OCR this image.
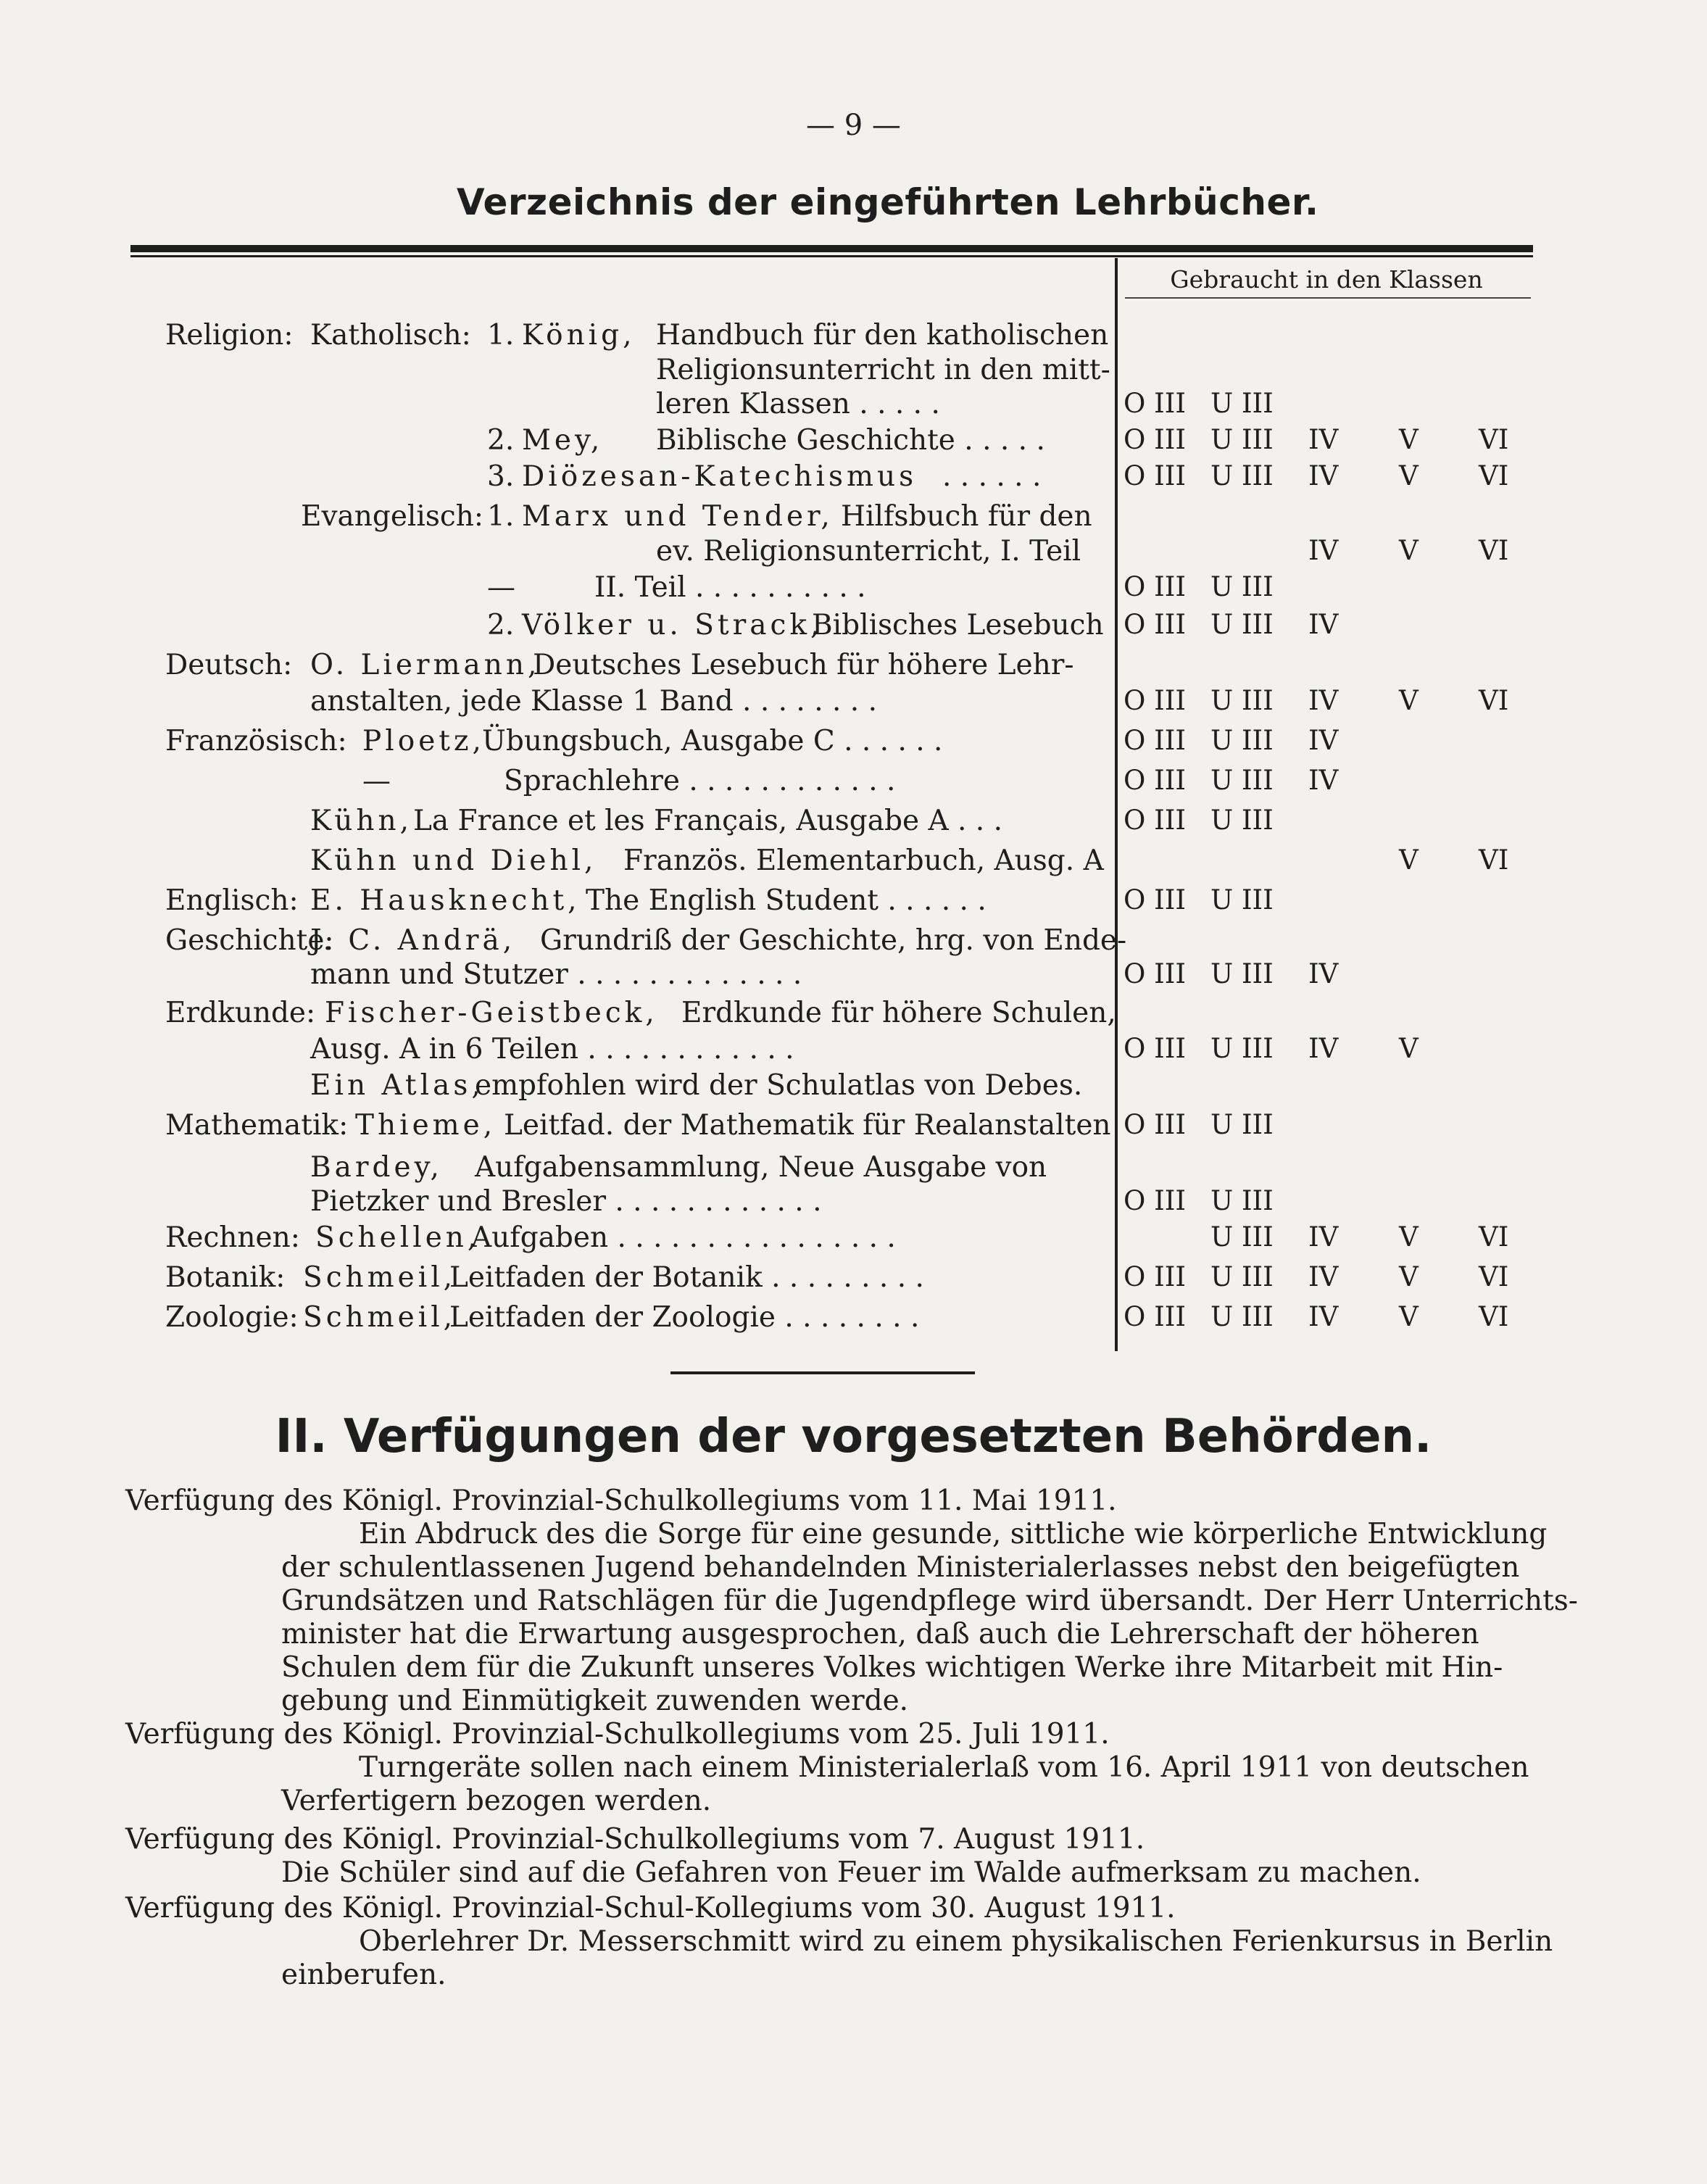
— 9 —
Verzeichnis der eingeführten Lehrbücher.
Gebraucht in den Klassen
Religion: Katholisch: 1. König, Handbuch für den katholischen
Religionsunterricht in den mitt-
leren Klassen . . . . .	O III U III
2. Mey, Biblische Geschichte . . . . .	O III U III IV V VI
3. Diözesan-Katechismus . . . . . .	O III U III IV V VI
Evangelisch: 1. Marx und Tender, Hilfsbuch für den
ev. Religionsunterricht, I. Teil	IV V VI
—	II. Teil . . . . . . . . . .	O III U III
2. Völker u. Strack,
Biblisches Lesebuch O III U III IV
Deutsch: O. Liermann,
Deutsches Lesebuch für höhere Lehr-
anstalten, jede Klasse 1 Band . . . . . . . .	O III U III IV V VI
Französisch: Ploetz,
Übungsbuch, Ausgabe C . . . . . .	O III U III IV
—	Sprachlehre . . . . . . . . . . . .	O III U III IV
Kühn, La France et les Français, Ausgabe A . . .	O III U III
Kühn und Diehl, Französ. Elementarbuch, Ausg. A	V VI
Englisch: E. Hausknecht, The English Student . . . . . .	O III U III
Geschichte:
J. C. Andrä, Grundriß der Geschichte, hrg. von Ende-
mann und Stutzer . . . . . . . . . . . . .	O III U III IV
Erdkunde: Fischer-Geistbeck, Erdkunde für höhere Schulen,
Ausg. A in 6 Teilen . . . . . . . . . . . .	O III U III IV V
Ein Atlas,
empfohlen wird der Schulatlas von Debes.
Mathematik: Thieme, Leitfad. der Mathematik für Realanstalten O III U III
Bardey, Aufgabensammlung, Neue Ausgabe von
Pietzker und Bresler . . . . . . . . . . . .	O III U III
Rechnen: Schellen,
Aufgaben . . . . . . . . . . . . . . . .	U III IV V VI
Botanik: Schmeil,
Leitfaden der Botanik . . . . . . . . .	O III U III IV V VI
Zoologie: Schmeil,
Leitfaden der Zoologie . . . . . . . .	O III U III IV V VI
II. Verfügungen der vorgesetzten Behörden.
Verfügung des Königl. Provinzial-Schulkollegiums vom 11. Mai 1911.
Ein Abdruck des die Sorge für eine gesunde, sittliche wie körperliche Entwicklung
der schulentlassenen Jugend behandelnden Ministerialerlasses nebst den beigefügten
Grundsätzen und Ratschlägen für die Jugendpflege wird übersandt. Der Herr Unterrichts-
minister hat die Erwartung ausgesprochen, daß auch die Lehrerschaft der höheren
Schulen dem für die Zukunft unseres Volkes wichtigen Werke ihre Mitarbeit mit Hin-
gebung und Einmütigkeit zuwenden werde.
Verfügung des Königl. Provinzial-Schulkollegiums vom 25. Juli 1911.
Turngeräte sollen nach einem Ministerialerlaß vom 16. April 1911 von deutschen
Verfertigern bezogen werden.
Verfügung des Königl. Provinzial-Schulkollegiums vom 7. August 1911.
Die Schüler sind auf die Gefahren von Feuer im Walde aufmerksam zu machen.
Verfügung des Königl. Provinzial-Schul-Kollegiums vom 30. August 1911.
Oberlehrer Dr. Messerschmitt wird zu einem physikalischen Ferienkursus in Berlin
einberufen.
